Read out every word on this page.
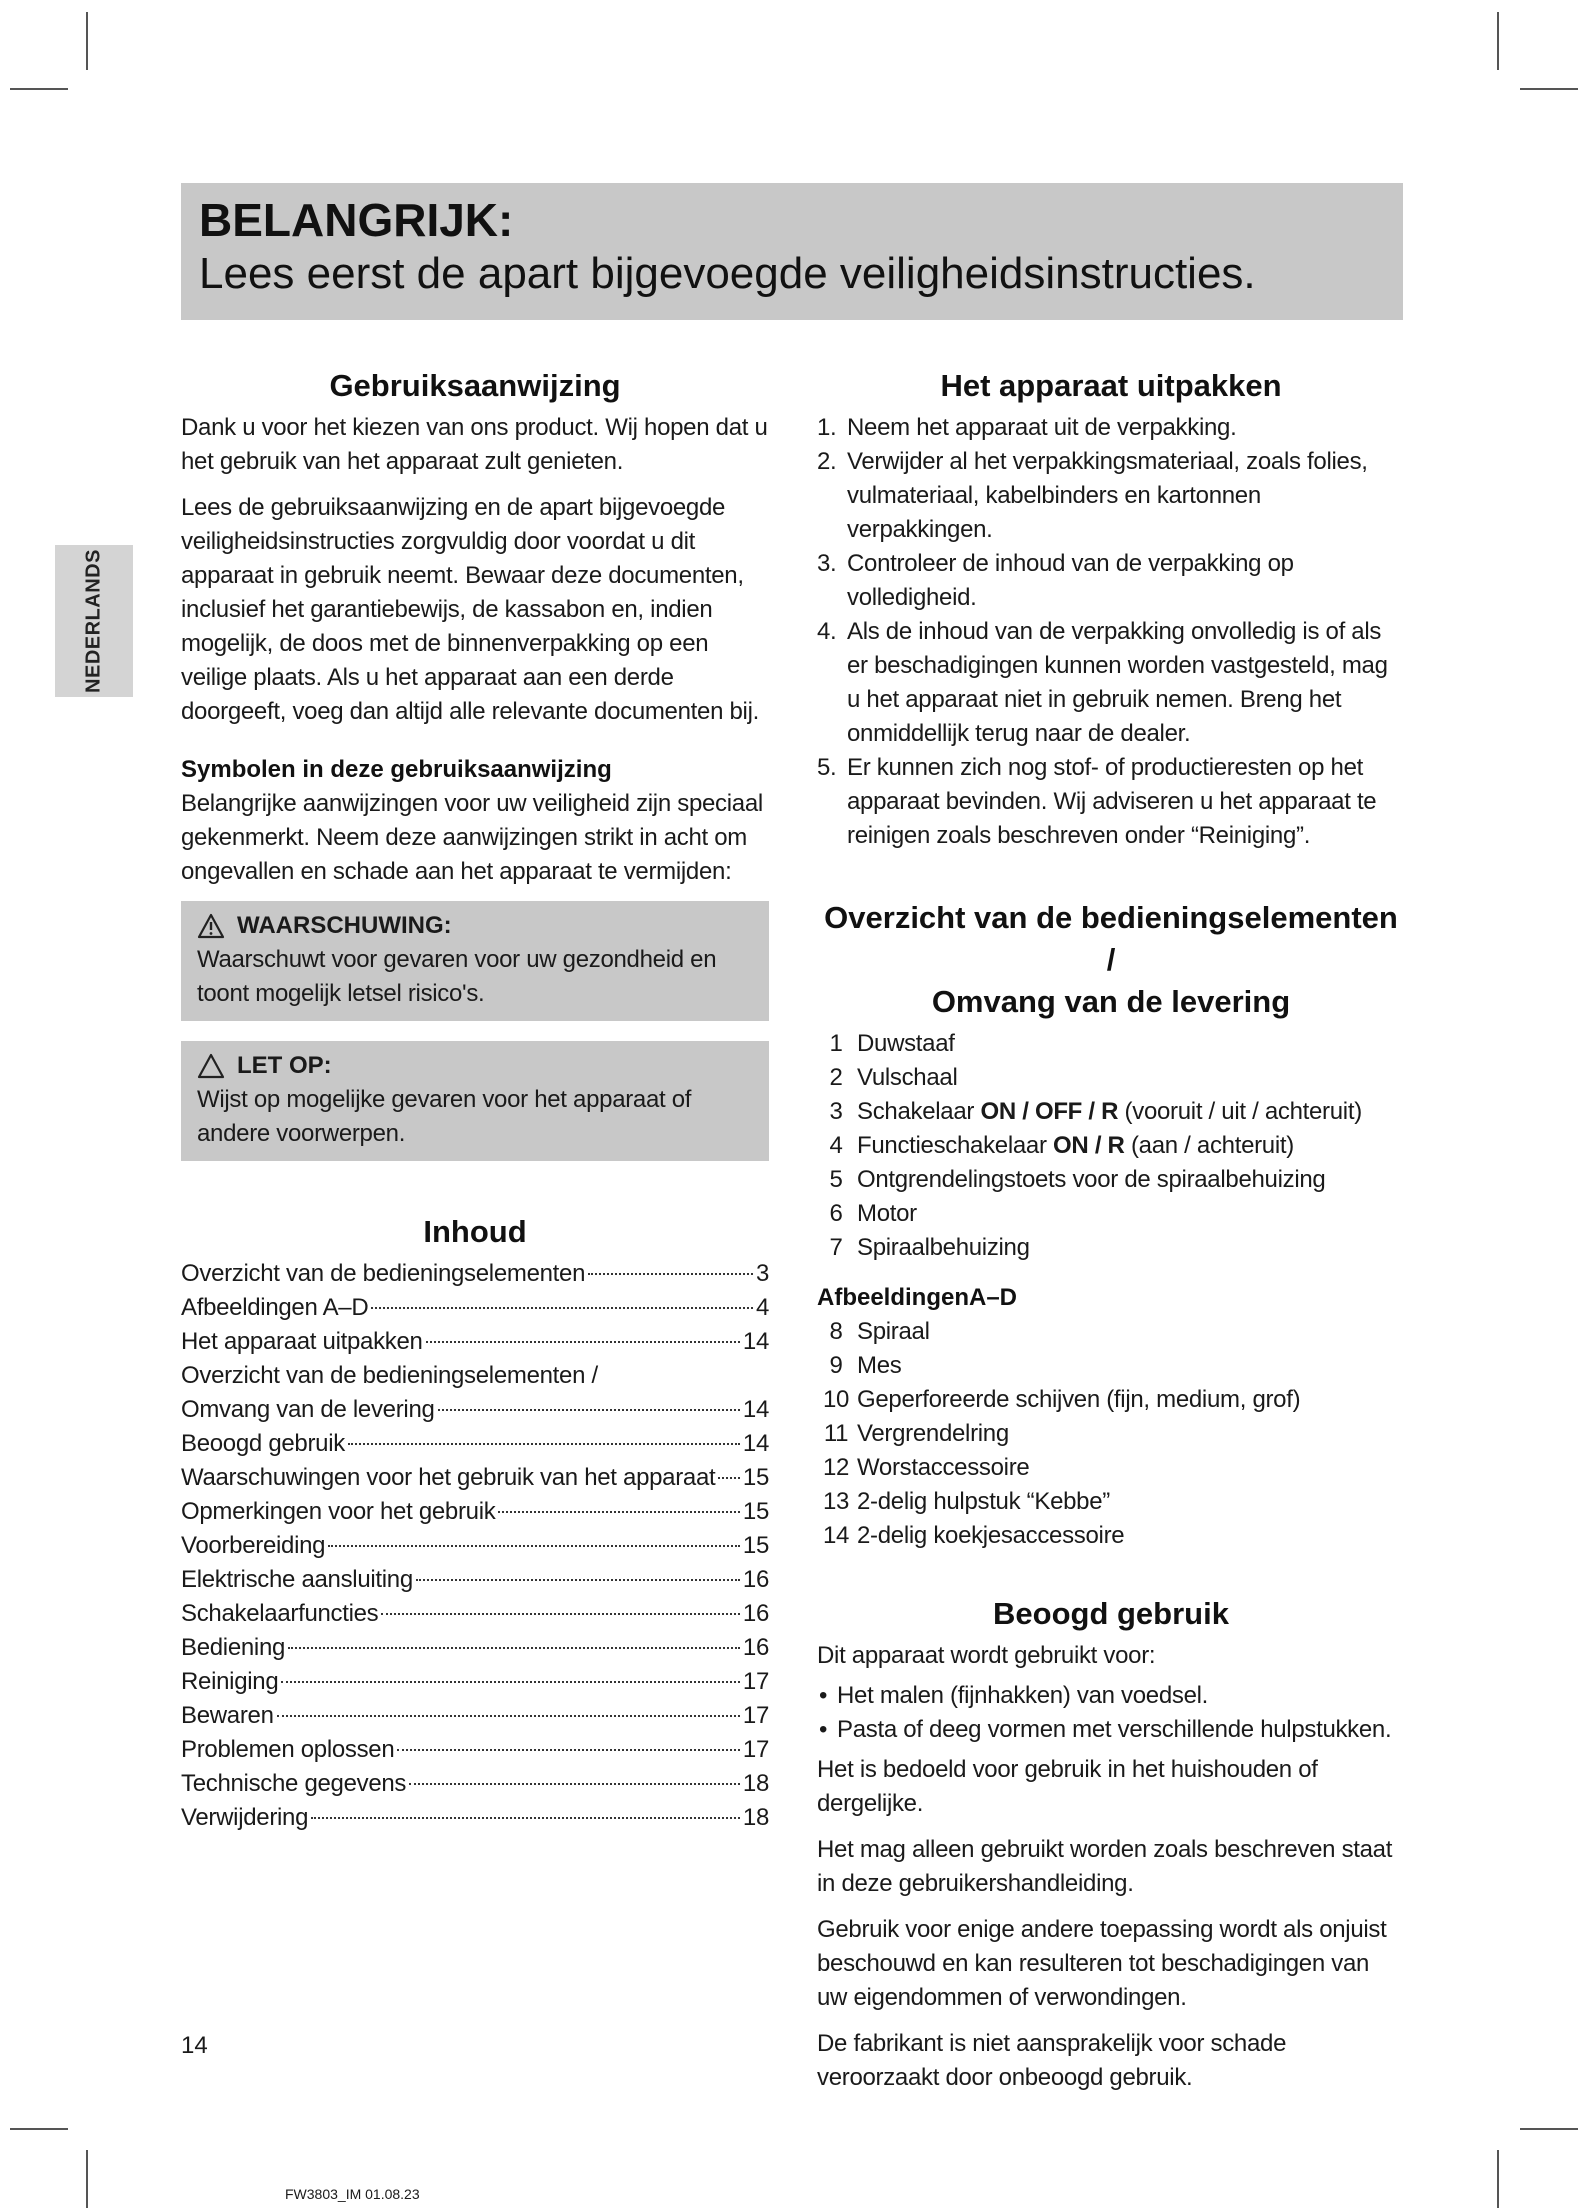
BELANGRIJK:
Lees eerst de apart bijgevoegde veiligheidsinstructies.
NEDERLANDS
Gebruiksaanwijzing

Dank u voor het kiezen van ons product. Wij hopen dat u het gebruik van het apparaat zult genieten.

Lees de gebruiksaanwijzing en de apart bijgevoegde veiligheidsinstructies zorgvuldig door voordat u dit apparaat in gebruik neemt. Bewaar deze documenten, inclusief het garantiebewijs, de kassabon en, indien mogelijk, de doos met de binnenverpakking op een veilige plaats. Als u het apparaat aan een derde doorgeeft, voeg dan altijd alle relevante documenten bij.

Symbolen in deze gebruiksaanwijzing

Belangrijke aanwijzingen voor uw veiligheid zijn speciaal gekenmerkt. Neem deze aanwijzingen strikt in acht om ongevallen en schade aan het apparaat te vermijden:

WAARSCHUWING:
Waarschuwt voor gevaren voor uw gezondheid en toont mogelijk letsel risico's.
LET OP:
Wijst op mogelijke gevaren voor het apparaat of andere voorwerpen.
Inhoud
Overzicht van de bedieningselementen	3
Afbeeldingen A–D	4
Het apparaat uitpakken	14
Overzicht van de bedieningselementen /
Omvang van de levering	14
Beoogd gebruik	14
Waarschuwingen voor het gebruik van het apparaat 15
Opmerkingen voor het gebruik	15
Voorbereiding	15
Elektrische aansluiting	16
Schakelaarfuncties	16
Bediening	16
Reiniging	17
Bewaren	17
Problemen oplossen	17
Technische gegevens	18
Verwijdering	18
Het apparaat uitpakken
1. Neem het apparaat uit de verpakking.
2. Verwijder al het verpakkingsmateriaal, zoals folies, vulmateriaal, kabelbinders en kartonnen verpakkingen.
3. Controleer de inhoud van de verpakking op volledigheid.
4. Als de inhoud van de verpakking onvolledig is of als er beschadigingen kunnen worden vastgesteld, mag u het apparaat niet in gebruik nemen. Breng het onmiddellijk terug naar de dealer.
5. Er kunnen zich nog stof- of productieresten op het apparaat bevinden. Wij adviseren u het apparaat te reinigen zoals beschreven onder “Reiniging”.
Overzicht van de bedieningselementen /
Omvang van de levering
1 Duwstaaf
2 Vulschaal
3 Schakelaar ON / OFF / R (vooruit / uit / achteruit)
4 Functieschakelaar ON / R (aan / achteruit)
5 Ontgrendelingstoets voor de spiraalbehuizing
6 Motor
7 Spiraalbehuizing
AfbeeldingenA–D
8 Spiraal
9 Mes
10 Geperforeerde schijven (fijn, medium, grof)
11 Vergrendelring
12 Worstaccessoire
13 2-delig hulpstuk “Kebbe”
14 2-delig koekjesaccessoire
Beoogd gebruik

Dit apparaat wordt gebruikt voor:

• Het malen (fijnhakken) van voedsel.
• Pasta of deeg vormen met verschillende hulpstukken.

Het is bedoeld voor gebruik in het huishouden of dergelijke.

Het mag alleen gebruikt worden zoals beschreven staat in deze gebruikershandleiding.

Gebruik voor enige andere toepassing wordt als onjuist beschouwd en kan resulteren tot beschadigingen van uw eigendommen of verwondingen.

De fabrikant is niet aansprakelijk voor schade veroorzaakt door onbeoogd gebruik.

14
FW3803_IM 01.08.23
